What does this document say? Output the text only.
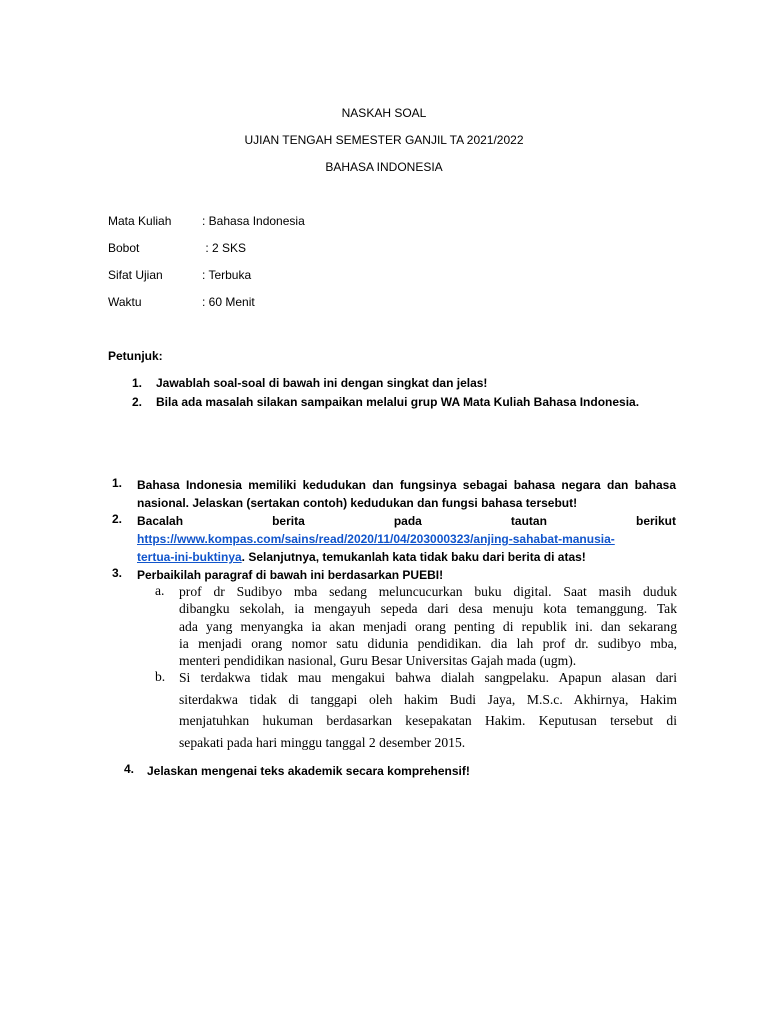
NASKAH SOAL
UJIAN TENGAH SEMESTER GANJIL TA 2021/2022
BAHASA INDONESIA
Mata Kuliah	: Bahasa Indonesia
Bobot	: 2 SKS
Sifat Ujian	: Terbuka
Waktu	: 60 Menit
Petunjuk:
1. Jawablah soal-soal di bawah ini dengan singkat dan jelas!
2. Bila ada masalah silakan sampaikan melalui grup WA Mata Kuliah Bahasa Indonesia.
1. Bahasa Indonesia memiliki kedudukan dan fungsinya sebagai bahasa negara dan bahasa
nasional. Jelaskan (sertakan contoh) kedudukan dan fungsi bahasa tersebut!
2. Bacalah	berita	pada	tautan	berikut
https://www.kompas.com/sains/read/2020/11/04/203000323/anjing-sahabat-manusia-
tertua-ini-buktinya. Selanjutnya, temukanlah kata tidak baku dari berita di atas!
3. Perbaikilah paragraf di bawah ini berdasarkan PUEBI!
a. prof dr Sudibyo mba sedang meluncucurkan buku digital. Saat masih duduk
dibangku sekolah, ia mengayuh sepeda dari desa menuju kota temanggung. Tak
ada yang menyangka ia akan menjadi orang penting di republik ini. dan sekarang
ia menjadi orang nomor satu didunia pendidikan. dia lah prof dr. sudibyo mba,
menteri pendidikan nasional, Guru Besar Universitas Gajah mada (ugm).
b. Si terdakwa tidak mau mengakui bahwa dialah sangpelaku. Apapun alasan dari
siterdakwa tidak di tanggapi oleh hakim Budi Jaya, M.S.c. Akhirnya, Hakim
menjatuhkan hukuman berdasarkan kesepakatan Hakim. Keputusan tersebut di
sepakati pada hari minggu tanggal 2 desember 2015.
4. Jelaskan mengenai teks akademik secara komprehensif!
